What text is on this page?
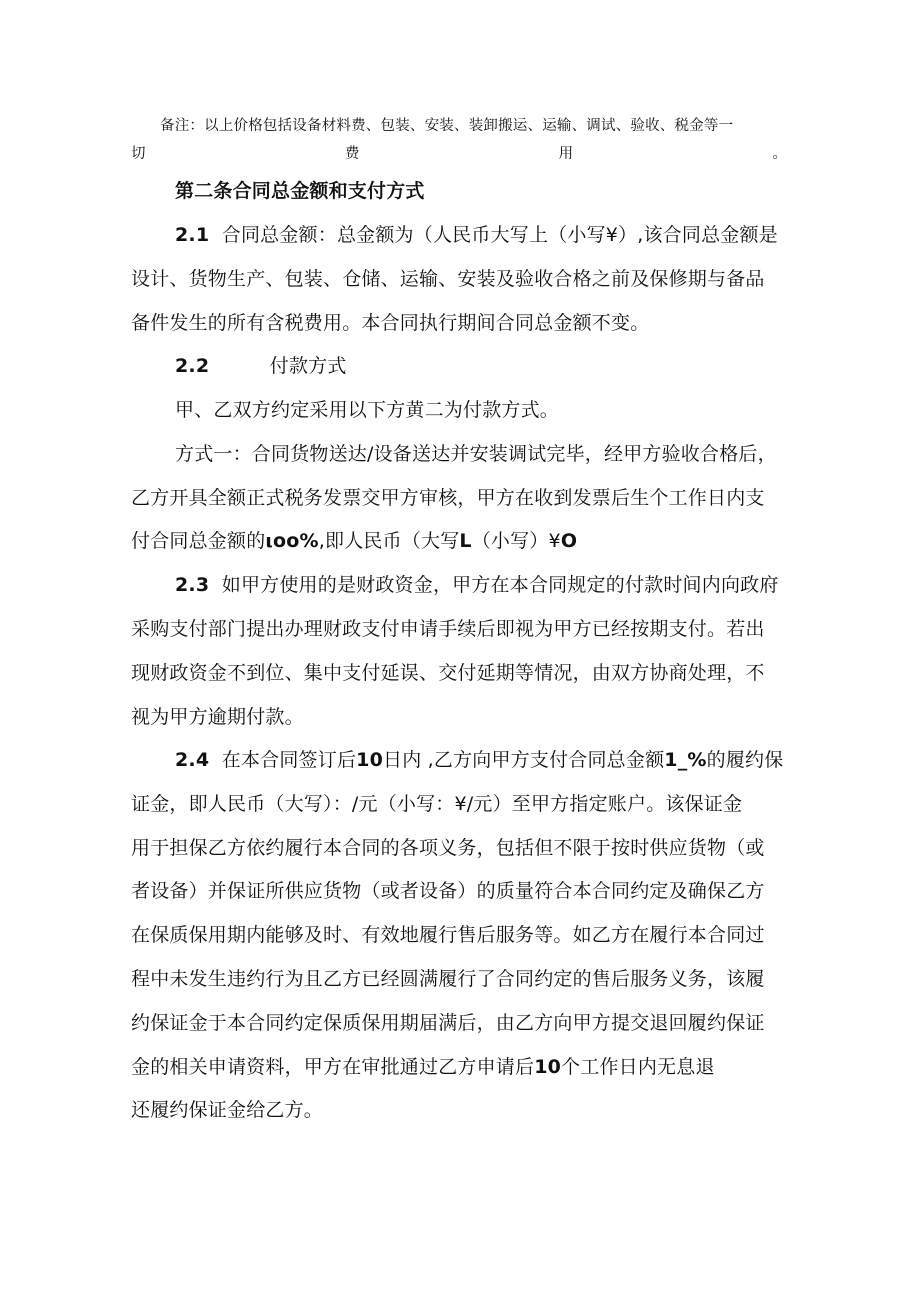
备注：以上价格包括设备材料费、包装、安装、装卸搬运、运输、调试、验收、税金等一
切	费	用	。
第二条合同总金额和支付方式
2.1 合同总金额：总金额为（人民币大写上（小写¥）,该合同总金额是
设计、货物生产、包装、仓储、运输、安装及验收合格之前及保修期与备品
备件发生的所有含税费用。本合同执行期间合同总金额不变。
2.2	付款方式
甲、乙双方约定采用以下方黄二为付款方式。
方式一：合同货物送达/设备送达并安装调试完毕，经甲方验收合格后，
乙方开具全额正式税务发票交甲方审核，甲方在收到发票后生个工作日内支
付合同总金额的ιoo%,即人民币（大写L（小写）¥O
2.3 如甲方使用的是财政资金，甲方在本合同规定的付款时间内向政府
采购支付部门提出办理财政支付申请手续后即视为甲方已经按期支付。若出
现财政资金不到位、集中支付延误、交付延期等情况，由双方协商处理，不
视为甲方逾期付款。
2.4 在本合同签订后10日内 ,乙方向甲方支付合同总金额1_%的履约保
证金，即人民币（大写）：/元（小写：¥/元）至甲方指定账户。该保证金
用于担保乙方依约履行本合同的各项义务，包括但不限于按时供应货物（或
者设备）并保证所供应货物（或者设备）的质量符合本合同约定及确保乙方
在保质保用期内能够及时、有效地履行售后服务等。如乙方在履行本合同过
程中未发生违约行为且乙方已经圆满履行了合同约定的售后服务义务，该履
约保证金于本合同约定保质保用期届满后，由乙方向甲方提交退回履约保证
金的相关申请资料，甲方在审批通过乙方申请后10个工作日内无息退
还履约保证金给乙方。
